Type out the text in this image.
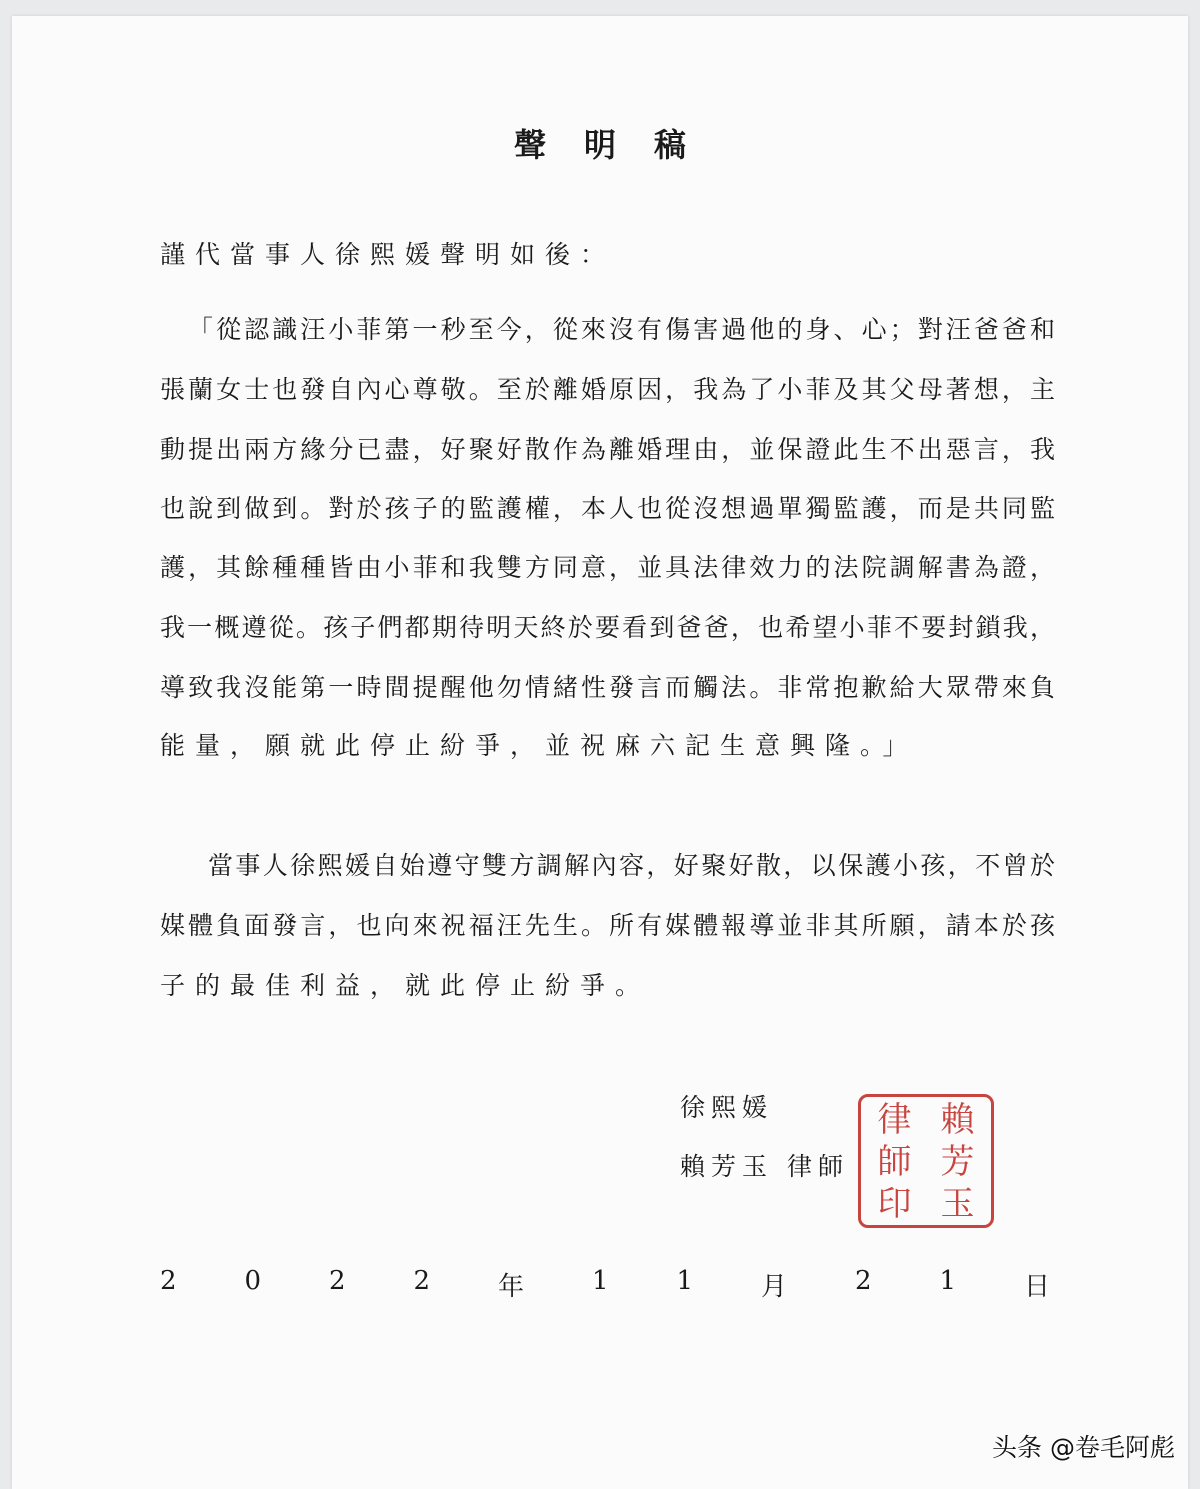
聲明稿
謹代當事人徐熙媛聲明如後：
「從認識汪小菲第一秒至今，從來沒有傷害過他的身、心；對汪爸爸和
張蘭女士也發自內心尊敬。至於離婚原因，我為了小菲及其父母著想，主
動提出兩方緣分已盡，好聚好散作為離婚理由，並保證此生不出惡言，我
也說到做到。對於孩子的監護權，本人也從沒想過單獨監護，而是共同監
護，其餘種種皆由小菲和我雙方同意，並具法律效力的法院調解書為證，
我一概遵從。孩子們都期待明天終於要看到爸爸，也希望小菲不要封鎖我，
導致我沒能第一時間提醒他勿情緒性發言而觸法。非常抱歉給大眾帶來負
能量，願就此停止紛爭，並祝麻六記生意興隆。」
當事人徐熙媛自始遵守雙方調解內容，好聚好散，以保護小孩，不曾於
媒體負面發言，也向來祝福汪先生。所有媒體報導並非其所願，請本於孩
子的最佳利益，就此停止紛爭。
徐熙媛
賴芳玉 律師
賴
芳
玉
律
師
印
2	0	2	2	年	1	1	月	2	1	日
头条 @卷毛阿彪
